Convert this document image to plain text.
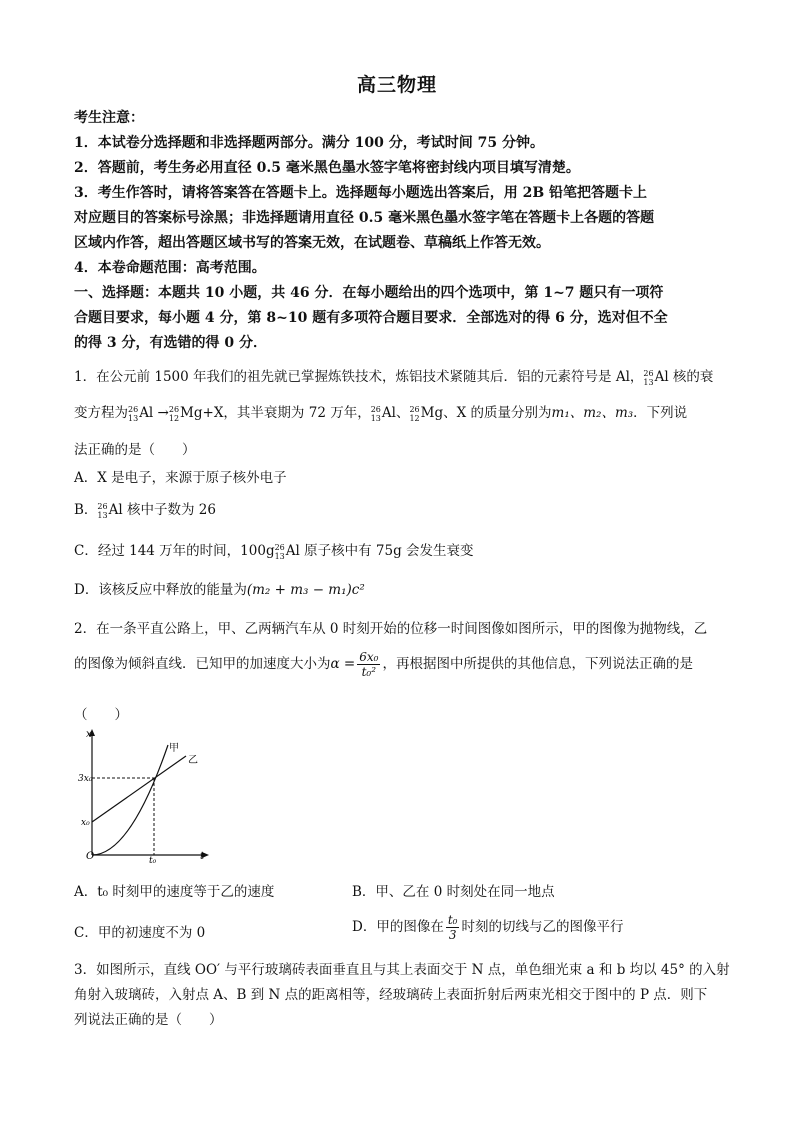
高三物理
考生注意：
1．本试卷分选择题和非选择题两部分。满分 100 分，考试时间 75 分钟。
2．答题前，考生务必用直径 0.5 毫米黑色墨水签字笔将密封线内项目填写清楚。
3．考生作答时，请将答案答在答题卡上。选择题每小题选出答案后，用 2B 铅笔把答题卡上
对应题目的答案标号涂黑；非选择题请用直径 0.5 毫米黑色墨水签字笔在答题卡上各题的答题
区域内作答，超出答题区域书写的答案无效，在试题卷、草稿纸上作答无效。
4．本卷命题范围：高考范围。
一、选择题：本题共 10 小题，共 46 分．在每小题给出的四个选项中，第 1~7 题只有一项符
合题目要求，每小题 4 分，第 8~10 题有多项符合题目要求．全部选对的得 6 分，选对但不全
的得 3 分，有选错的得 0 分．
1．在公元前 1500 年我们的祖先就已掌握炼铁技术，炼铝技术紧随其后．铝的元素符号是 Al， 26
13 Al 核的衰
变方程为 26
13 Al → 26
12 Mg+X，其半衰期为 72 万年， 26
13 Al、 26
12 Mg、X 的质量分别为m₁、m₂、m₃．下列说
法正确的是（　　）
A．X 是电子，来源于原子核外电子
B． 26
13 Al 核中子数为 26
C．经过 144 万年的时间，100g 26
13 Al 原子核中有 75g 会发生衰变
D．该核反应中释放的能量为(m₂ + m₃ − m₁)c²
2．在一条平直公路上，甲、乙两辆汽车从 0 时刻开始的位移一时间图像如图所示，甲的图像为抛物线，乙
的图像为倾斜直线．已知甲的加速度大小为$\alpha = \frac{\text{6x₀}}{\text{t₀²}}$ ，再根据图中所提供的其他信息，下列说法正确的是
（　　）
x
t
O
3x₀
x₀
t₀
甲
乙
A．t₀ 时刻甲的速度等于乙的速度	B．甲、乙在 0 时刻处在同一地点
C．甲的初速度不为 0	D．甲的图像在 $\frac{\text{t₀}}{3}$ 时刻的切线与乙的图像平行
3．如图所示，直线 OO′ 与平行玻璃砖表面垂直且与其上表面交于 N 点，单色细光束 a 和 b 均以 45° 的入射
角射入玻璃砖，入射点 A、B 到 N 点的距离相等，经玻璃砖上表面折射后两束光相交于图中的 P 点．则下
列说法正确的是（　　）
